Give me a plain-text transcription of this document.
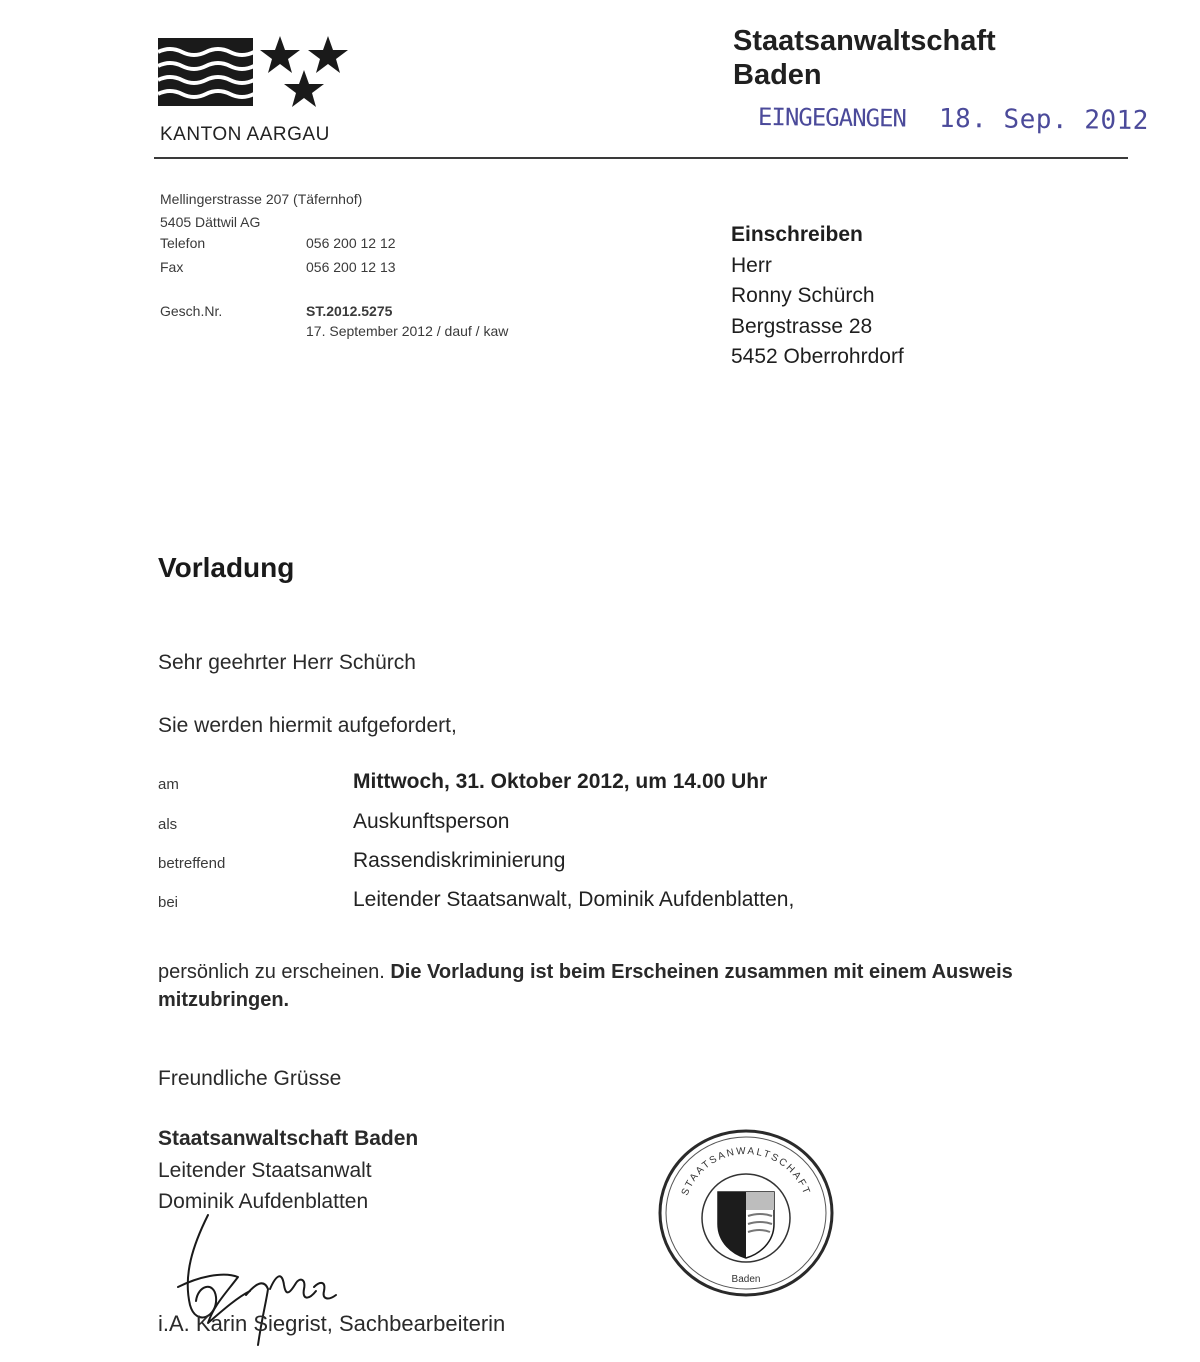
KANTON AARGAU
Staatsanwaltschaft
Baden
EINGEGANGEN 18. Sep. 2012
Mellingerstrasse 207 (Täfernhof)
5405 Dättwil AG
Telefon	056 200 12 12
Fax	056 200 12 13
Gesch.Nr.	ST.2012.5275
17. September 2012 / dauf / kaw
Einschreiben
Herr
Ronny Schürch
Bergstrasse 28
5452 Oberrohrdorf
Vorladung
Sehr geehrter Herr Schürch
Sie werden hiermit aufgefordert,
am	Mittwoch, 31. Oktober 2012, um 14.00 Uhr
als	Auskunftsperson
betreffend	Rassendiskriminierung
bei	Leitender Staatsanwalt, Dominik Aufdenblatten,
persönlich zu erscheinen. Die Vorladung ist beim Erscheinen zusammen mit einem Ausweis mitzubringen.
Freundliche Grüsse
Staatsanwaltschaft Baden
Leitender Staatsanwalt
Dominik Aufdenblatten
i.A. Karin Siegrist, Sachbearbeiterin
STAATSANWALTSCHAFT
Baden
